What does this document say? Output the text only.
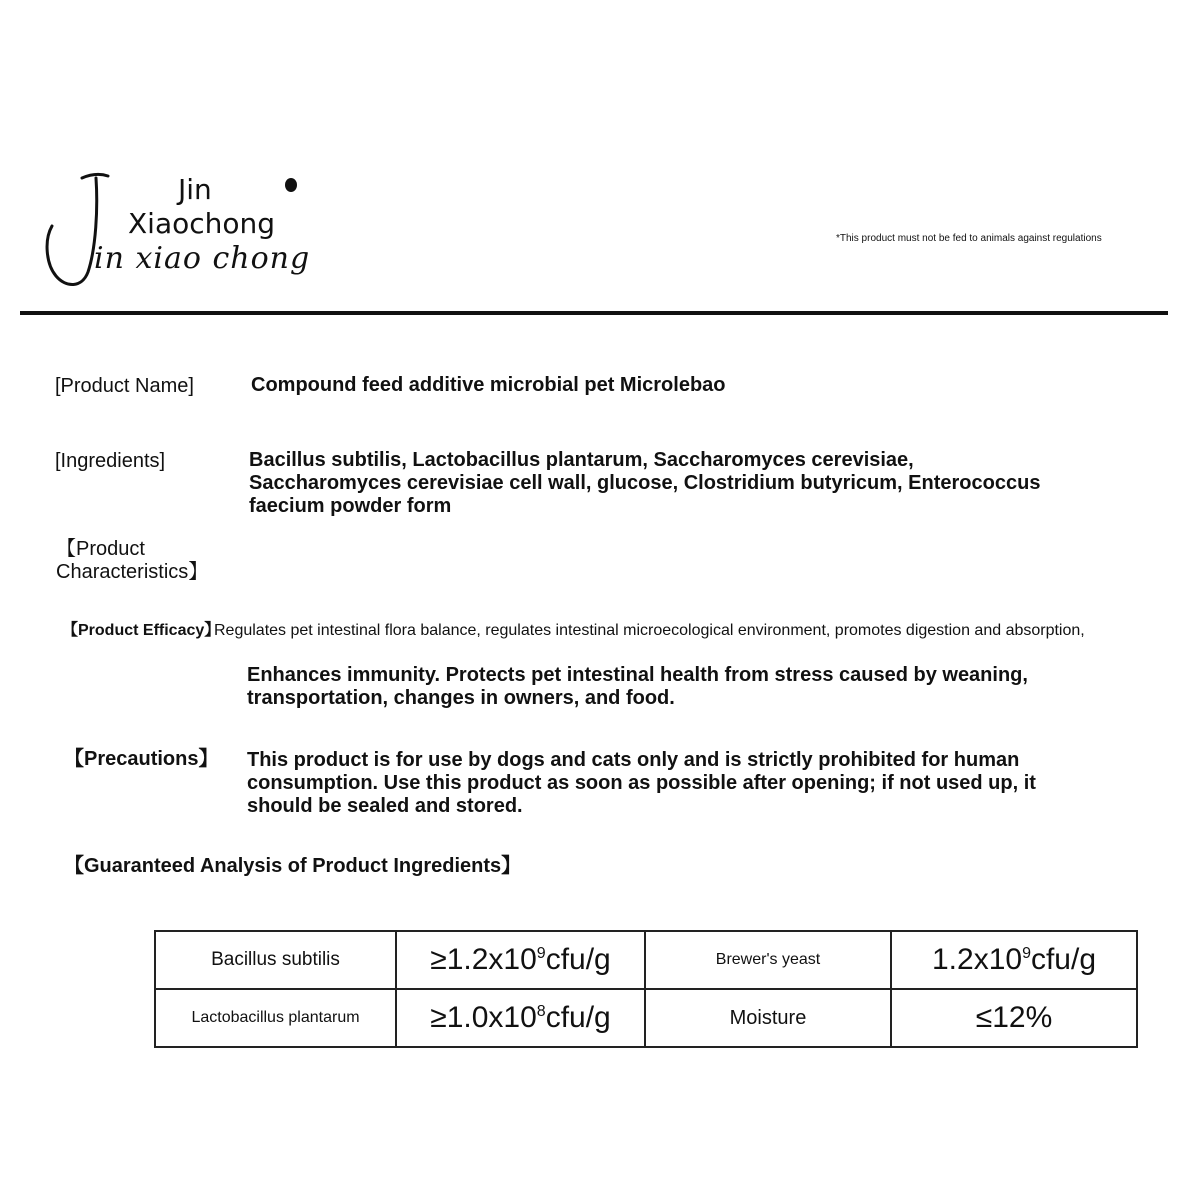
Jin
Xiaochong
in xiao chong
*This product must not be fed to animals against regulations
[Product Name]	Compound feed additive microbial pet Microlebao
[Ingredients]	Bacillus subtilis, Lactobacillus plantarum, Saccharomyces cerevisiae, Saccharomyces cerevisiae cell wall, glucose, Clostridium butyricum, Enterococcus faecium powder form
【Product Characteristics】
【Product Efficacy】
Regulates pet intestinal flora balance, regulates intestinal microecological environment, promotes digestion and absorption,
Enhances immunity. Protects pet intestinal health from stress caused by weaning, transportation, changes in owners, and food.
【Precautions】 This product is for use by dogs and cats only and is strictly prohibited for human consumption. Use this product as soon as possible after opening; if not used up, it should be sealed and stored.
【Guaranteed Analysis of Product Ingredients】
Bacillus subtilis	$\ge 1.2x10^9cfu/g$	Brewer's yeast	$1.2x10^9cfu/g$
Lactobacillus plantarum	$\ge 1.0x10^8cfu/g$	Moisture	≤12%
